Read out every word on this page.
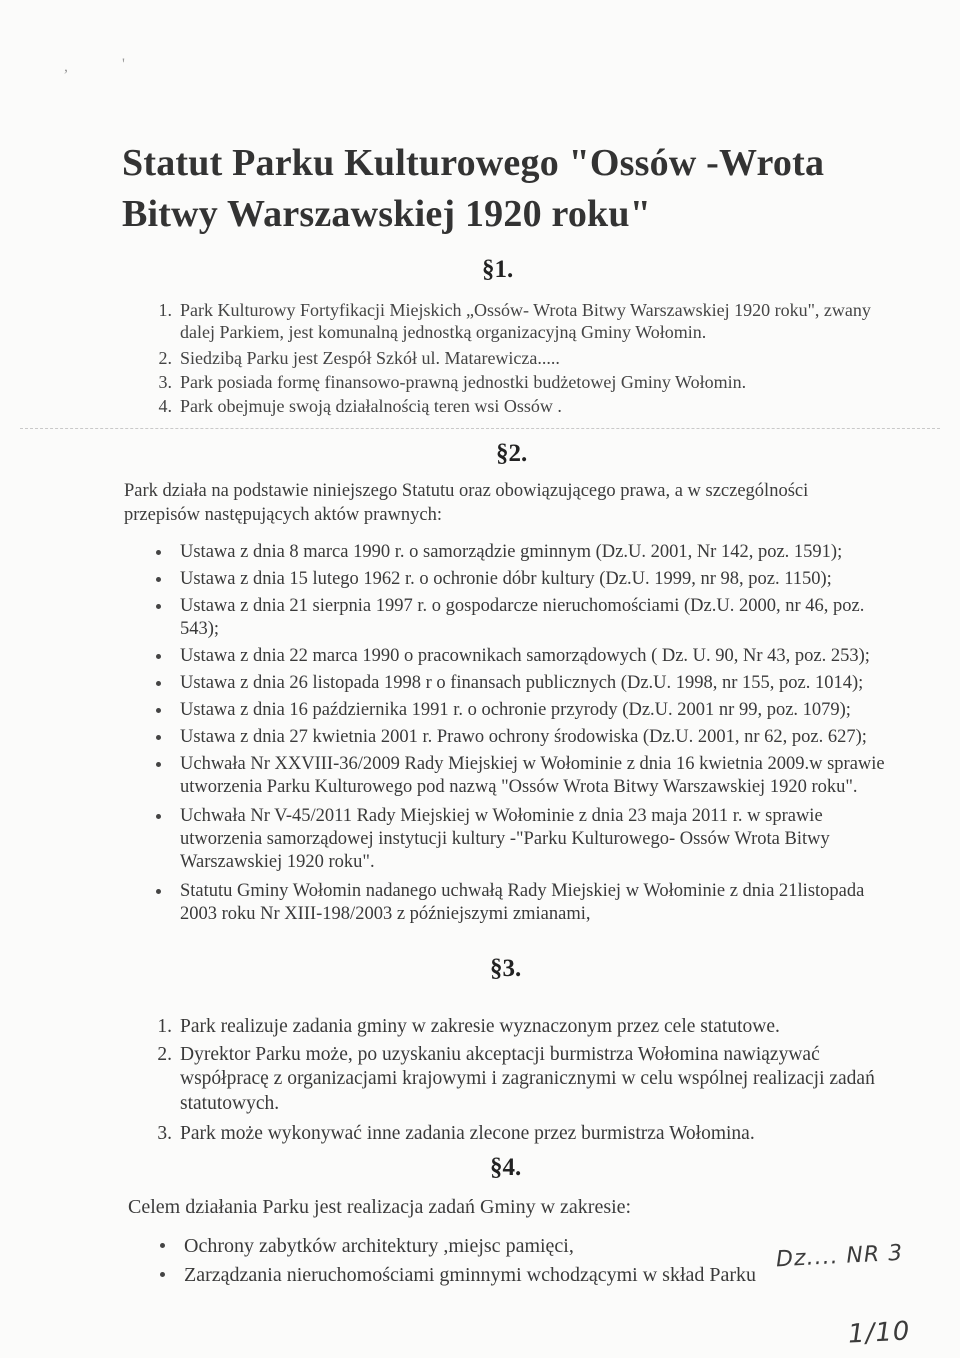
,	'
Statut Parku Kulturowego "Ossów -Wrota
Bitwy Warszawskiej 1920 roku"
§1.
1. Park Kulturowy Fortyfikacji Miejskich „Ossów- Wrota Bitwy Warszawskiej 1920 roku", zwany dalej Parkiem, jest komunalną jednostką organizacyjną Gminy Wołomin.
2. Siedzibą Parku jest Zespół Szkół ul. Matarewicza.....
3. Park posiada formę finansowo-prawną jednostki budżetowej Gminy Wołomin.
4. Park obejmuje swoją działalnością teren wsi Ossów .
§2.

Park działa na podstawie niniejszego Statutu oraz obowiązującego prawa, a w szczególności przepisów następujących aktów prawnych:

Ustawa z dnia 8 marca 1990 r. o samorządzie gminnym (Dz.U. 2001, Nr 142, poz. 1591);
Ustawa z dnia 15 lutego 1962 r. o ochronie dóbr kultury (Dz.U. 1999, nr 98, poz. 1150);
Ustawa z dnia 21 sierpnia 1997 r. o gospodarcze nieruchomościami (Dz.U. 2000, nr 46, poz. 543);
Ustawa z dnia 22 marca 1990 o pracownikach samorządowych ( Dz. U. 90, Nr 43, poz. 253);
Ustawa z dnia 26 listopada 1998 r o finansach publicznych (Dz.U. 1998, nr 155, poz. 1014);
Ustawa z dnia 16 października 1991 r. o ochronie przyrody (Dz.U. 2001 nr 99, poz. 1079);
Ustawa z dnia 27 kwietnia 2001 r. Prawo ochrony środowiska (Dz.U. 2001, nr 62, poz. 627);
Uchwała Nr XXVIII-36/2009 Rady Miejskiej w Wołominie z dnia 16 kwietnia 2009.w sprawie utworzenia Parku Kulturowego pod nazwą "Ossów Wrota Bitwy Warszawskiej 1920 roku".
Uchwała Nr V-45/2011 Rady Miejskiej w Wołominie z dnia 23 maja 2011 r. w sprawie utworzenia samorządowej instytucji kultury -"Parku Kulturowego- Ossów Wrota Bitwy Warszawskiej 1920 roku".
Statutu Gminy Wołomin nadanego uchwałą Rady Miejskiej w Wołominie z dnia 21listopada 2003 roku Nr XIII-198/2003 z późniejszymi zmianami,
§3.
1. Park realizuje zadania gminy w zakresie wyznaczonym przez cele statutowe.
2. Dyrektor Parku może, po uzyskaniu akceptacji burmistrza Wołomina nawiązywać współpracę z organizacjami krajowymi i zagranicznymi w celu wspólnej realizacji zadań statutowych.
3. Park może wykonywać inne zadania zlecone przez burmistrza Wołomina.
§4.

Celem działania Parku jest realizacja zadań Gminy w zakresie:

Ochrony zabytków architektury ,miejsc pamięci,
Zarządzania nieruchomościami gminnymi wchodzącymi w skład Parku
Dz.... NR 3
1/10
